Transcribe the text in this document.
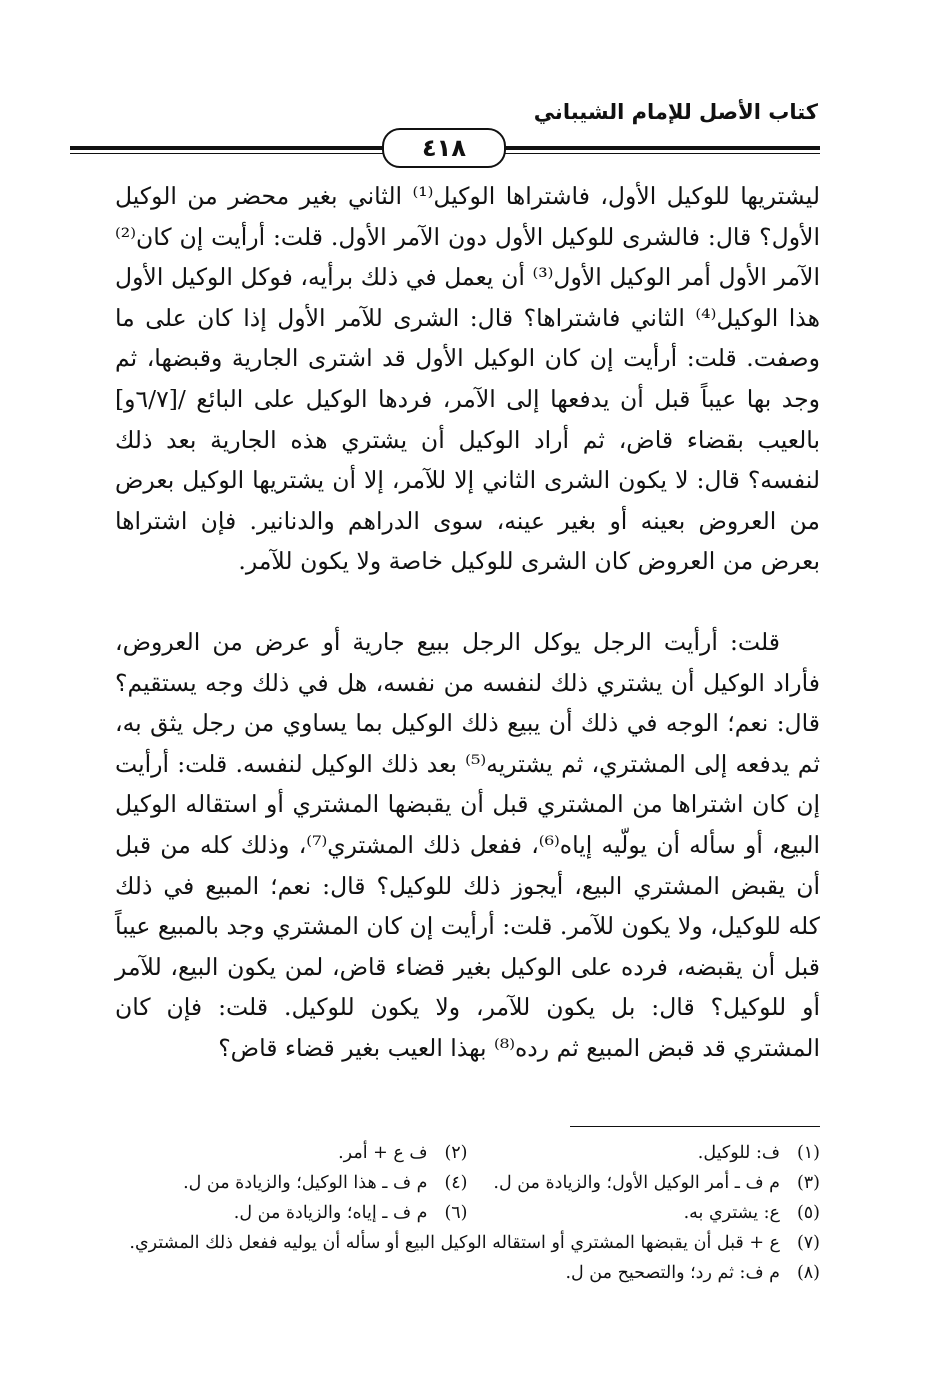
كتاب الأصل للإمام الشيباني
٤١٨

ليشتريها للوكيل الأول، فاشتراها الوكيل⁽¹⁾ الثاني بغير محضر من الوكيل الأول؟ قال: فالشرى للوكيل الأول دون الآمر الأول. قلت: أرأيت إن كان⁽²⁾ الآمر الأول أمر الوكيل الأول⁽³⁾ أن يعمل في ذلك برأيه، فوكل الوكيل الأول هذا الوكيل⁽⁴⁾ الثاني فاشتراها؟ قال: الشرى للآمر الأول إذا كان على ما وصفت. قلت: أرأيت إن كان الوكيل الأول قد اشترى الجارية وقبضها، ثم وجد بها عيباً قبل أن يدفعها إلى الآمر، فردها الوكيل على البائع /[٦/٧و] بالعيب بقضاء قاض، ثم أراد الوكيل أن يشتري هذه الجارية بعد ذلك لنفسه؟ قال: لا يكون الشرى الثاني إلا للآمر، إلا أن يشتريها الوكيل بعرض من العروض بعينه أو بغير عينه، سوى الدراهم والدنانير. فإن اشتراها بعرض من العروض كان الشرى للوكيل خاصة ولا يكون للآمر.

قلت: أرأيت الرجل يوكل الرجل ببيع جارية أو عرض من العروض، فأراد الوكيل أن يشتري ذلك لنفسه من نفسه، هل في ذلك وجه يستقيم؟ قال: نعم؛ الوجه في ذلك أن يبيع ذلك الوكيل بما يساوي من رجل يثق به، ثم يدفعه إلى المشتري، ثم يشتريه⁽⁵⁾ بعد ذلك الوكيل لنفسه. قلت: أرأيت إن كان اشتراها من المشتري قبل أن يقبضها المشتري أو استقاله الوكيل البيع، أو سأله أن يولّيه إياه⁽⁶⁾، ففعل ذلك المشتري⁽⁷⁾، وذلك كله من قبل أن يقبض المشتري البيع، أيجوز ذلك للوكيل؟ قال: نعم؛ المبيع في ذلك كله للوكيل، ولا يكون للآمر. قلت: أرأيت إن كان المشتري وجد بالمبيع عيباً قبل أن يقبضه، فرده على الوكيل بغير قضاء قاض، لمن يكون البيع، للآمر أو للوكيل؟ قال: بل يكون للآمر، ولا يكون للوكيل. قلت: فإن كان المشتري قد قبض المبيع ثم رده⁽⁸⁾ بهذا العيب بغير قضاء قاض؟

(١)
ف: للوكيل.
(٢)
ف ع + أمر.
(٣)
م ف ـ أمر الوكيل الأول؛ والزيادة من ل.
(٤)
م ف ـ هذا الوكيل؛ والزيادة من ل.
(٥)
ع: يشتري به.
(٦)
م ف ـ إياه؛ والزيادة من ل.
(٧)
ع + قبل أن يقبضها المشتري أو استقاله الوكيل البيع أو سأله أن يوليه ففعل ذلك المشتري.
(٨)
م ف: ثم رد؛ والتصحيح من ل.
